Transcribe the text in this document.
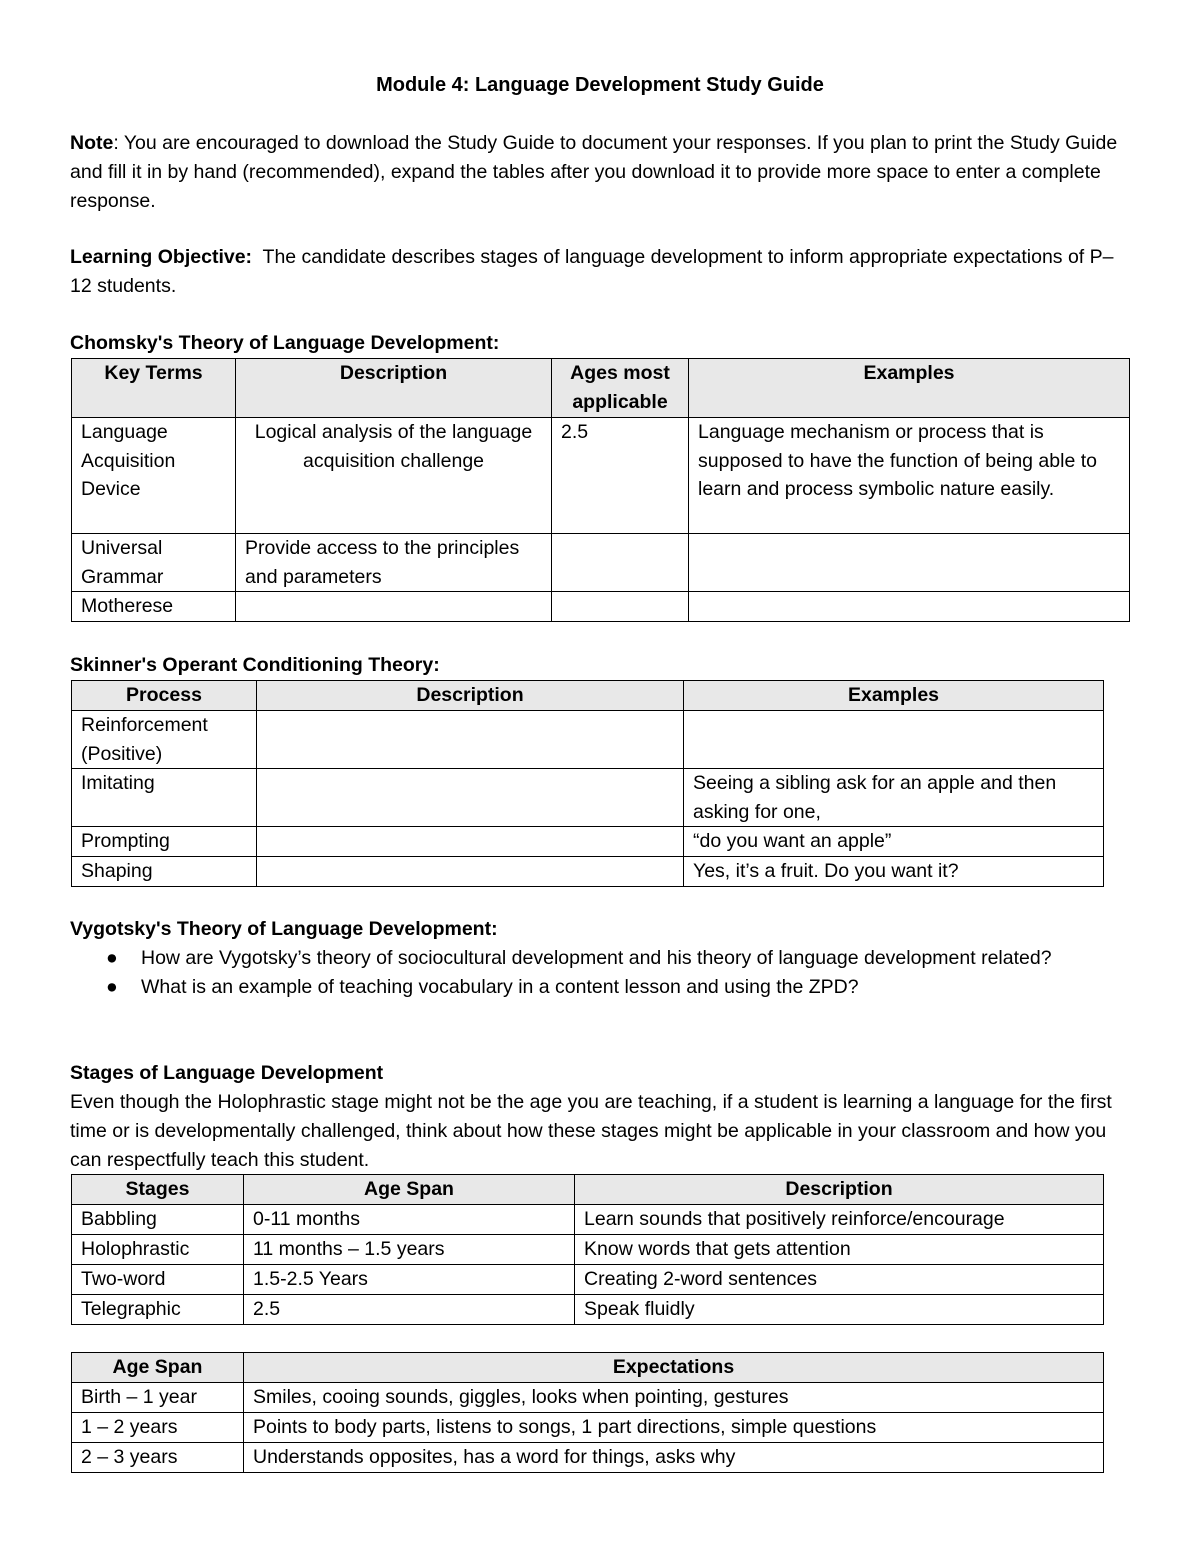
Module 4: Language Development Study Guide
Note: You are encouraged to download the Study Guide to document your responses. If you plan to print the Study Guide and fill it in by hand (recommended), expand the tables after you download it to provide more space to enter a complete response.
Learning Objective:  The candidate describes stages of language development to inform appropriate expectations of P–12 students.
Chomsky's Theory of Language Development:
Key Terms	Description	Ages most applicable	Examples
Language Acquisition Device	Logical analysis of the language acquisition challenge	2.5	Language mechanism or process that is supposed to have the function of being able to learn and process symbolic nature easily.
Universal Grammar	Provide access to the principles and parameters		
Motherese			
Skinner's Operant Conditioning Theory:
Process	Description	Examples
Reinforcement (Positive)		
Imitating		Seeing a sibling ask for an apple and then asking for one,
Prompting		“do you want an apple”
Shaping		Yes, it’s a fruit. Do you want it?
Vygotsky's Theory of Language Development:
● How are Vygotsky’s theory of sociocultural development and his theory of language development related?
● What is an example of teaching vocabulary in a content lesson and using the ZPD?
Stages of Language Development
Even though the Holophrastic stage might not be the age you are teaching, if a student is learning a language for the first time or is developmentally challenged, think about how these stages might be applicable in your classroom and how you can respectfully teach this student.
Stages	Age Span	Description
Babbling	0-11 months	Learn sounds that positively reinforce/encourage
Holophrastic	11 months – 1.5 years	Know words that gets attention
Two-word	1.5-2.5 Years	Creating 2-word sentences
Telegraphic	2.5	Speak fluidly
Age Span	Expectations
Birth – 1 year	Smiles, cooing sounds, giggles, looks when pointing, gestures
1 – 2 years	Points to body parts, listens to songs, 1 part directions, simple questions
2 – 3 years	Understands opposites, has a word for things, asks why
